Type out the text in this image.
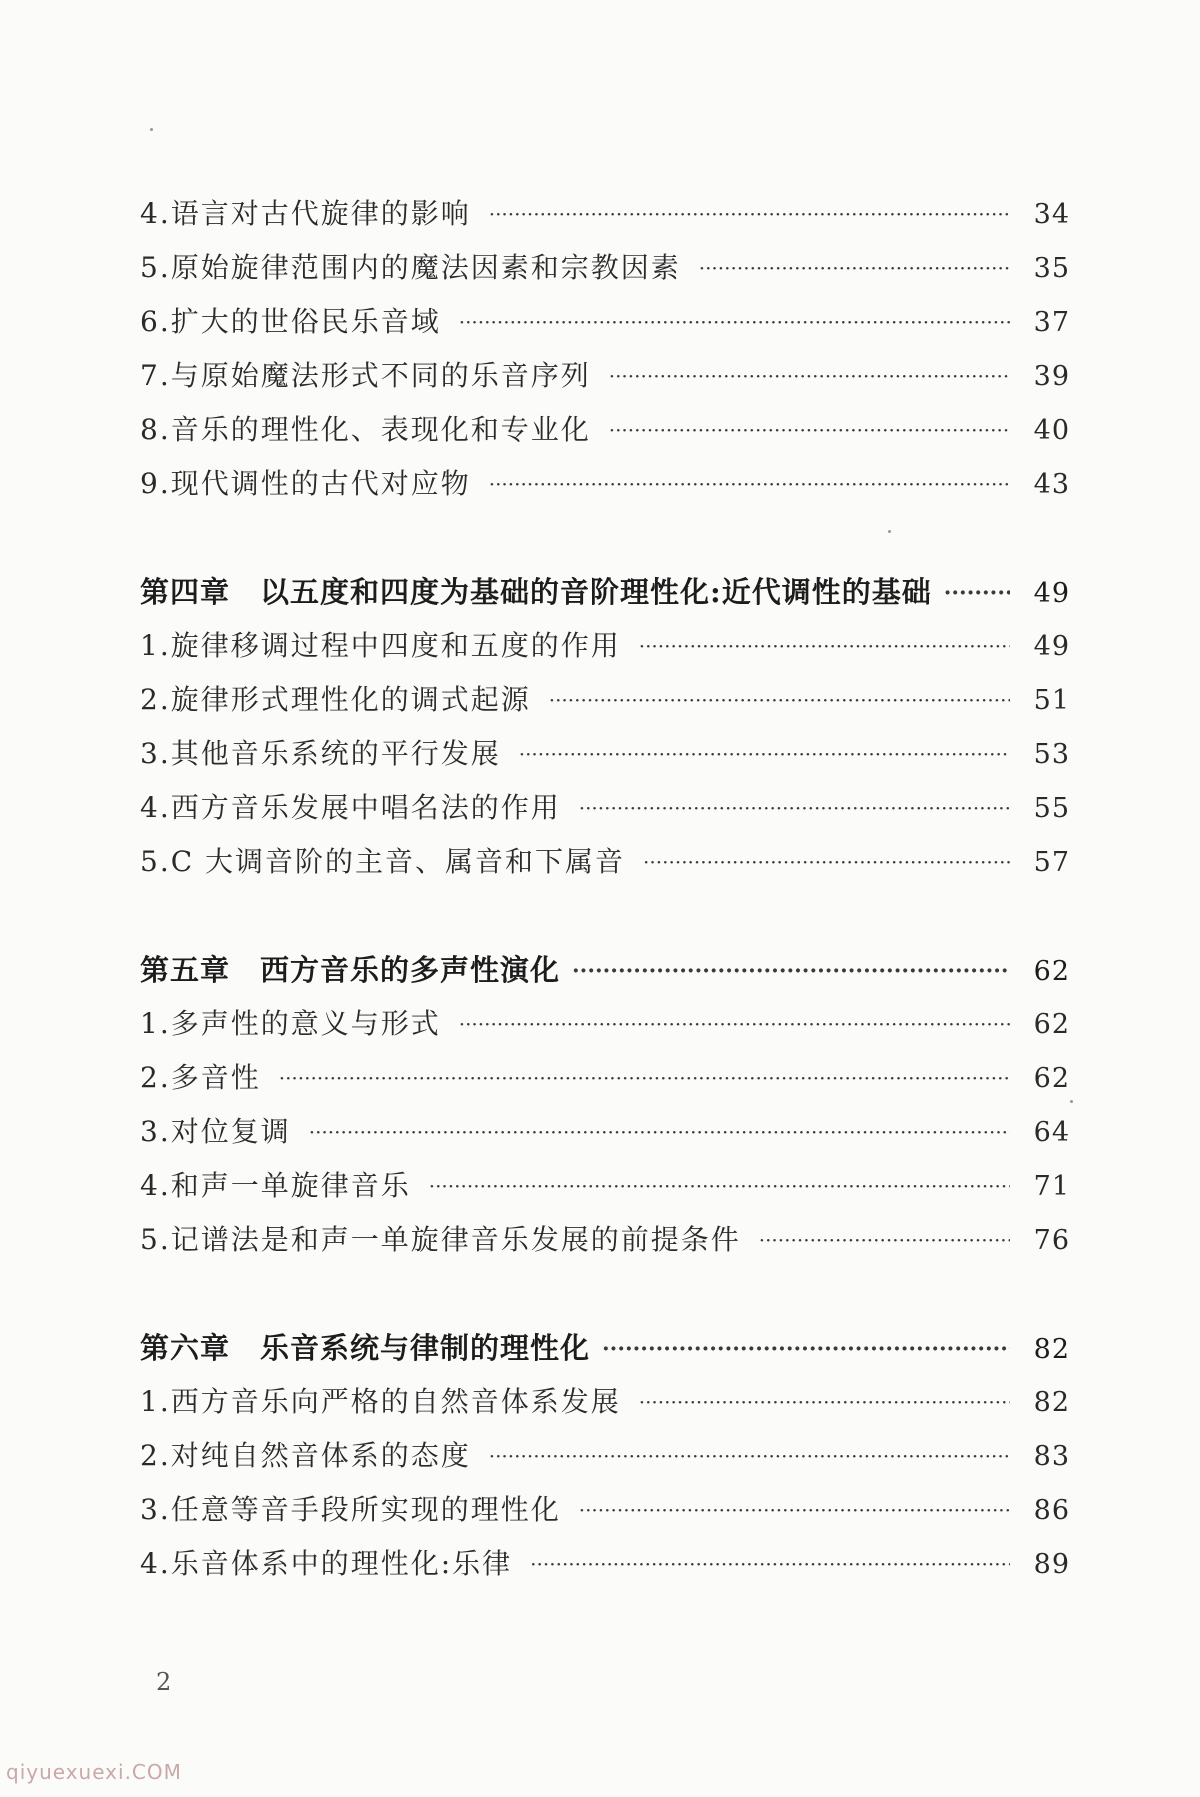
4.语言对古代旋律的影响 ·····	34
5.原始旋律范围内的魔法因素和宗教因素 ·····	35
6.扩大的世俗民乐音域 ·····	37
7.与原始魔法形式不同的乐音序列 ·····	39
8.音乐的理性化、表现化和专业化 ·····	40
9.现代调性的古代对应物 ·····	43
第四章　以五度和四度为基础的音阶理性化:近代调性的基础 ·····	49
1.旋律移调过程中四度和五度的作用 ·····	49
2.旋律形式理性化的调式起源 ·····	51
3.其他音乐系统的平行发展 ·····	53
4.西方音乐发展中唱名法的作用 ·····	55
5.C 大调音阶的主音、属音和下属音 ·····	57
第五章　西方音乐的多声性演化 ·····	62
1.多声性的意义与形式 ·····	62
2.多音性 ·····	62
3.对位复调 ·····	64
4.和声一单旋律音乐 ·····	71
5.记谱法是和声一单旋律音乐发展的前提条件 ·····	76
第六章　乐音系统与律制的理性化 ·····	82
1.西方音乐向严格的自然音体系发展 ·····	82
2.对纯自然音体系的态度 ·····	83
3.任意等音手段所实现的理性化 ·····	86
4.乐音体系中的理性化:乐律 ·····	89
2
qiyuexuexi.COM
